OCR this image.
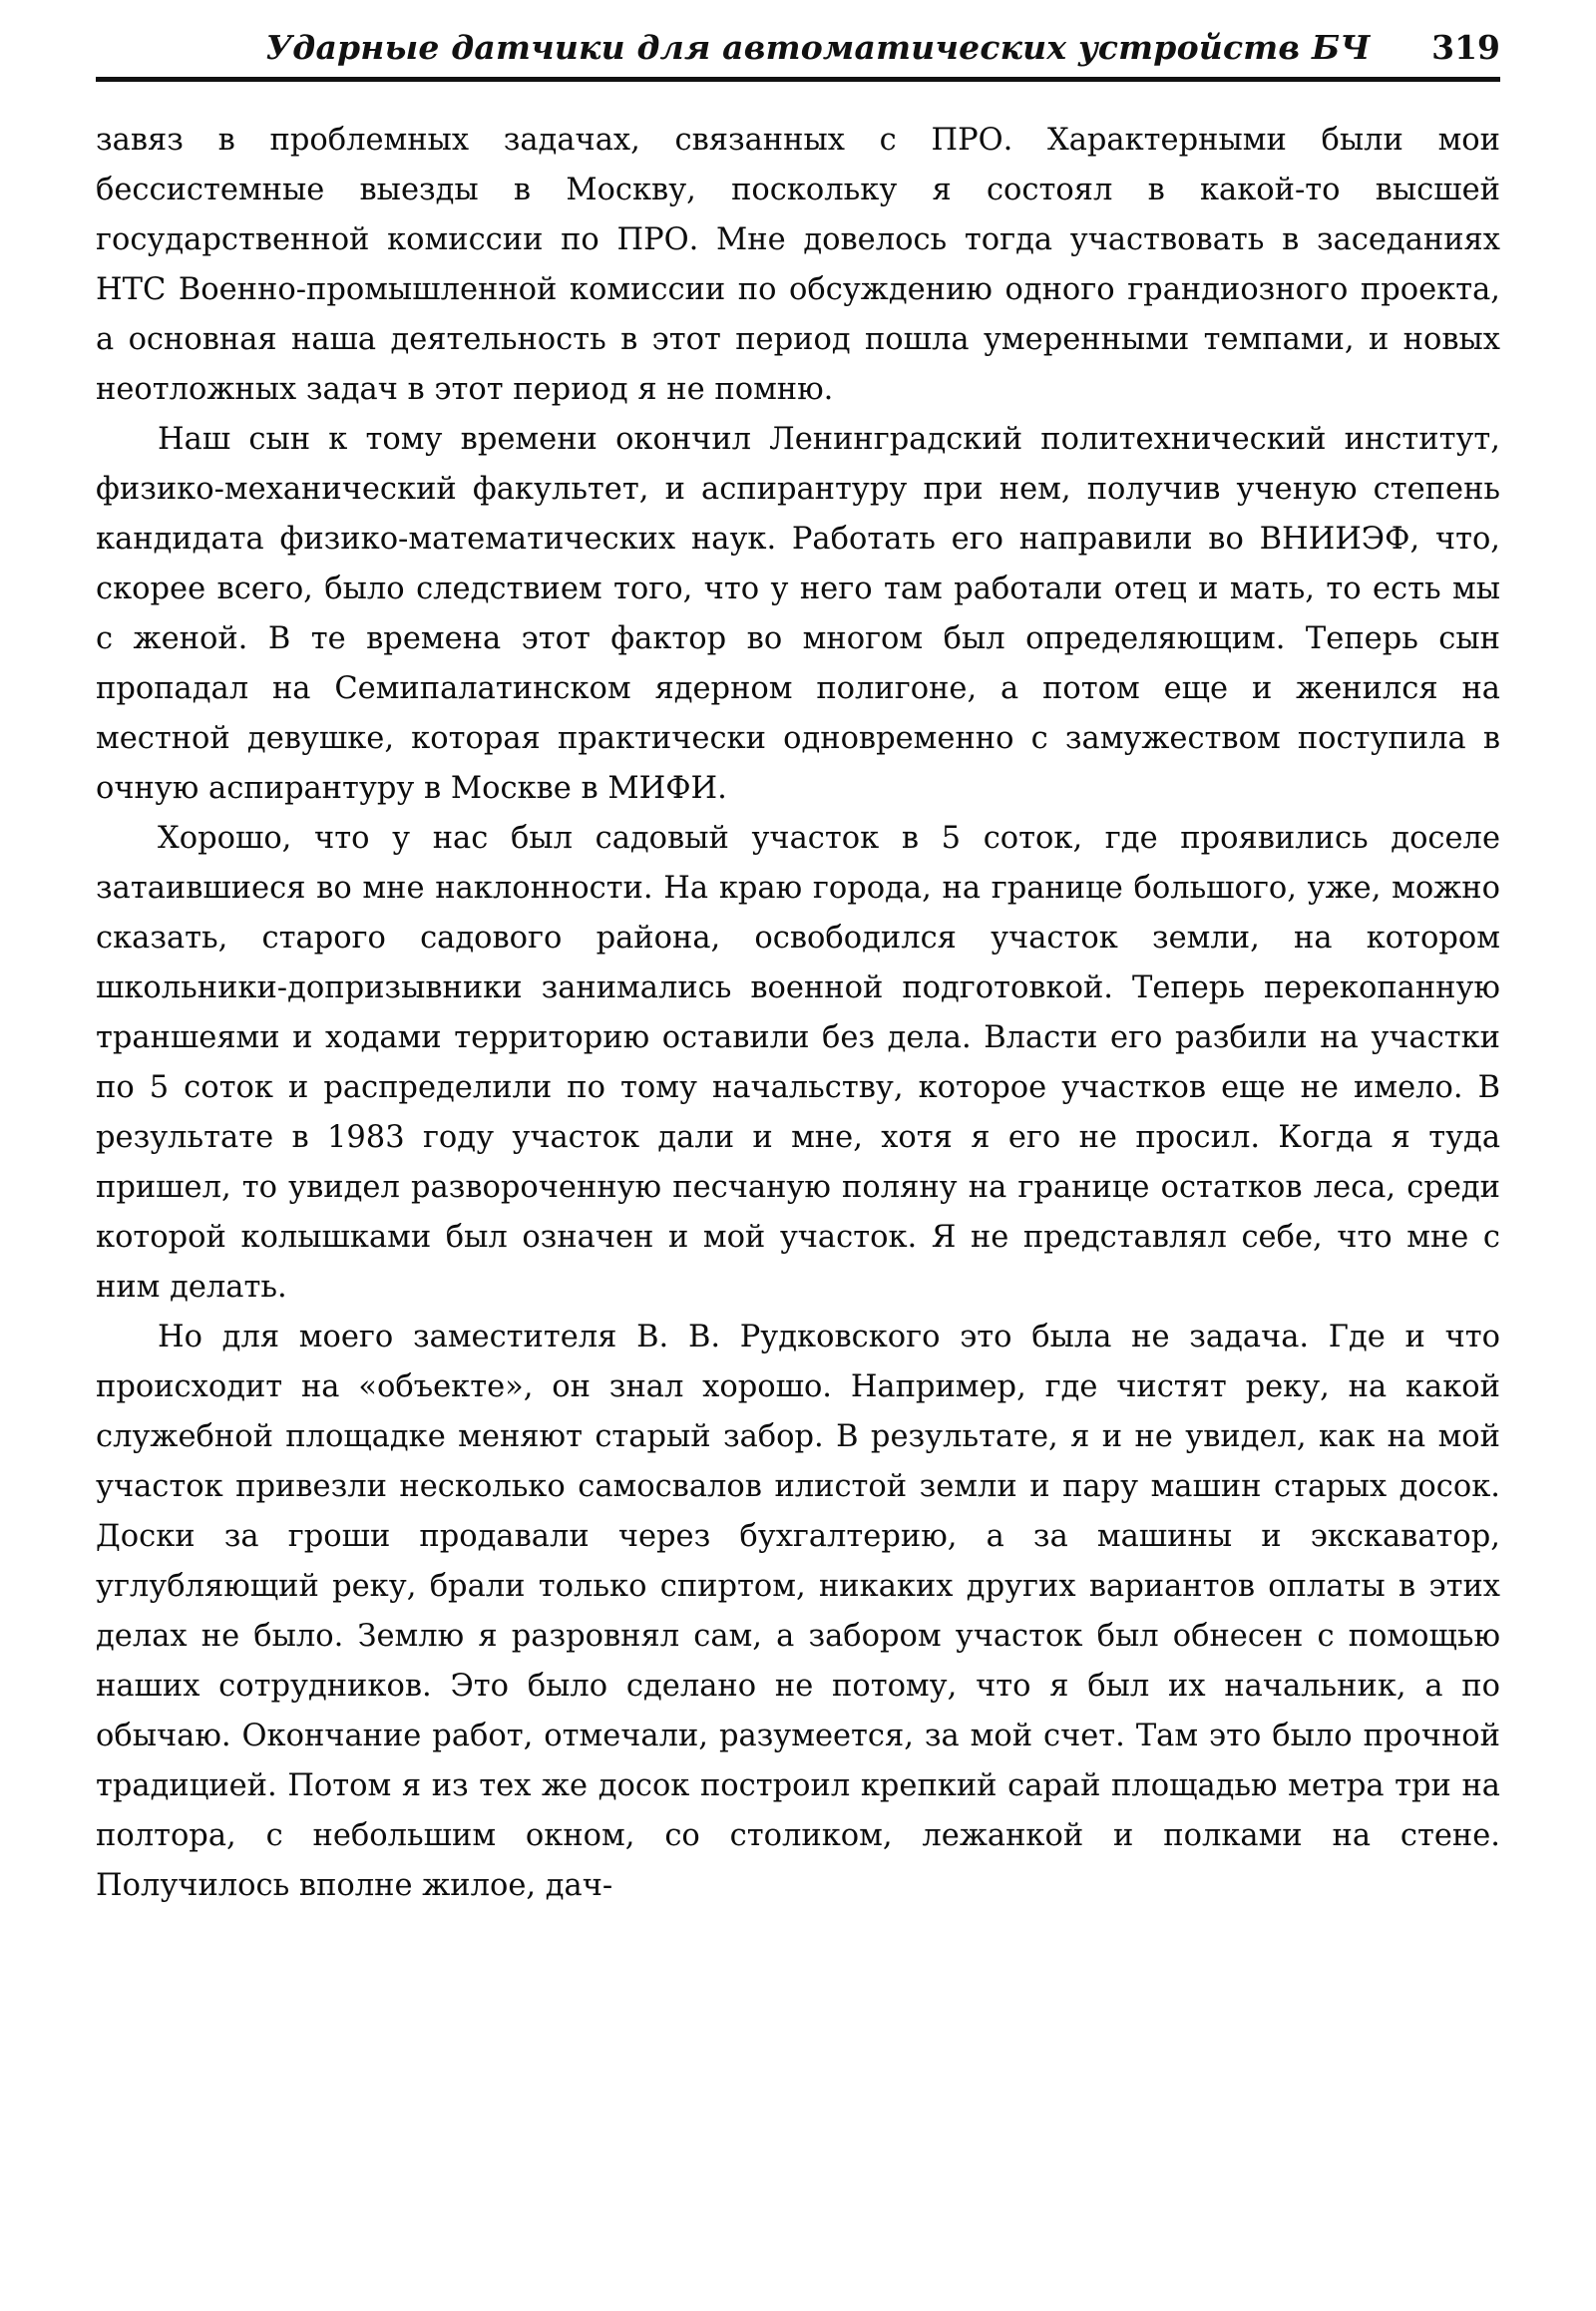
Ударные датчики для автоматических устройств БЧ	319

завяз в проблемных задачах, связанных с ПРО. Характерными были мои бессистемные выезды в Москву, поскольку я состоял в какой-то высшей государственной комиссии по ПРО. Мне довелось тогда участвовать в заседаниях НТС Военно-промышленной комиссии по обсуждению одного грандиозного проекта, а основная наша деятельность в этот период пошла умеренными темпами, и новых неотложных задач в этот период я не помню.

Наш сын к тому времени окончил Ленинградский политехнический институт, физико-механический факультет, и аспирантуру при нем, получив ученую степень кандидата физико-математических наук. Работать его направили во ВНИИЭФ, что, скорее всего, было следствием того, что у него там работали отец и мать, то есть мы с женой. В те времена этот фактор во многом был определяющим. Теперь сын пропадал на Семипалатинском ядерном полигоне, а потом еще и женился на местной девушке, которая практически одновременно с замужеством поступила в очную аспирантуру в Москве в МИФИ.

Хорошо, что у нас был садовый участок в 5 соток, где проявились доселе затаившиеся во мне наклонности. На краю города, на границе большого, уже, можно сказать, старого садового района, освободился участок земли, на котором школьники-допризывники занимались военной подготовкой. Теперь перекопанную траншеями и ходами территорию оставили без дела. Власти его разбили на участки по 5 соток и распределили по тому начальству, которое участков еще не имело. В результате в 1983 году участок дали и мне, хотя я его не просил. Когда я туда пришел, то увидел развороченную песчаную поляну на границе остатков леса, среди которой колышками был означен и мой участок. Я не представлял себе, что мне с ним делать.

Но для моего заместителя В. В. Рудковского это была не задача. Где и что происходит на «объекте», он знал хорошо. Например, где чистят реку, на какой служебной площадке меняют старый забор. В результате, я и не увидел, как на мой участок привезли несколько самосвалов илистой земли и пару машин старых досок. Доски за гроши продавали через бухгалтерию, а за машины и экскаватор, углубляющий реку, брали только спиртом, никаких других вариантов оплаты в этих делах не было. Землю я разровнял сам, а забором участок был обнесен с помощью наших сотрудников. Это было сделано не потому, что я был их начальник, а по обычаю. Окончание работ, отмечали, разумеется, за мой счет. Там это было прочной традицией. Потом я из тех же досок построил крепкий сарай площадью метра три на полтора, с небольшим окном, со столиком, лежанкой и полками на стене. Получилось вполне жилое, дач-
